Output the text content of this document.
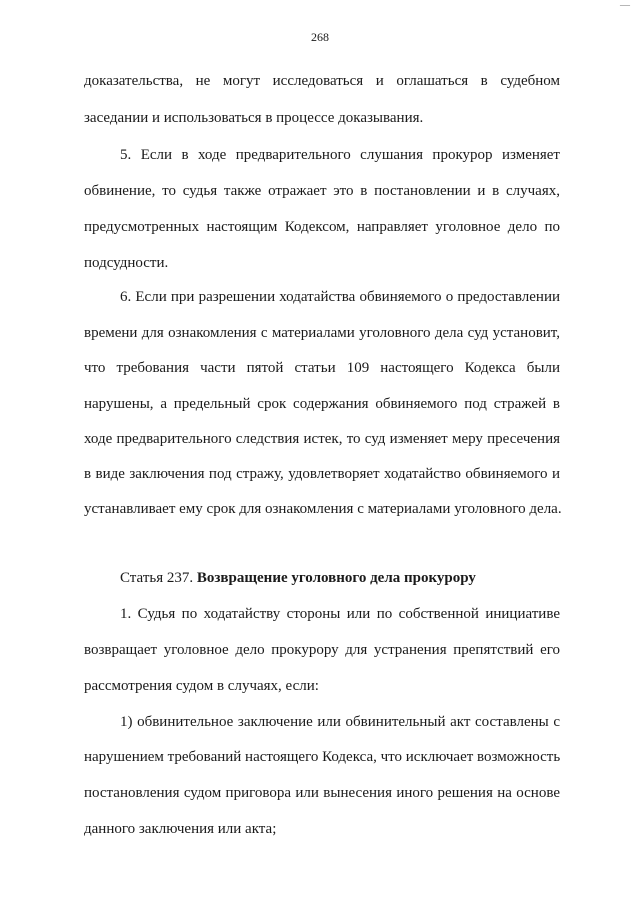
—
268
доказательства, не могут исследоваться и оглашаться в судебном
заседании и использоваться в процессе доказывания.
5. Если в ходе предварительного слушания прокурор изменяет
обвинение, то судья также отражает это в постановлении и в случаях,
предусмотренных настоящим Кодексом, направляет уголовное дело по
подсудности.
6. Если при разрешении ходатайства обвиняемого о предоставлении
времени для ознакомления с материалами уголовного дела суд установит,
что требования части пятой статьи 109 настоящего Кодекса были
нарушены, а предельный срок содержания обвиняемого под стражей в
ходе предварительного следствия истек, то суд изменяет меру пресечения
в виде заключения под стражу, удовлетворяет ходатайство обвиняемого и
устанавливает ему срок для ознакомления с материалами уголовного дела.
Статья 237. Возвращение уголовного дела прокурору
1. Судья по ходатайству стороны или по собственной инициативе
возвращает уголовное дело прокурору для устранения препятствий его
рассмотрения судом в случаях, если:
1) обвинительное заключение или обвинительный акт составлены с
нарушением требований настоящего Кодекса, что исключает возможность
постановления судом приговора или вынесения иного решения на основе
данного заключения или акта;
